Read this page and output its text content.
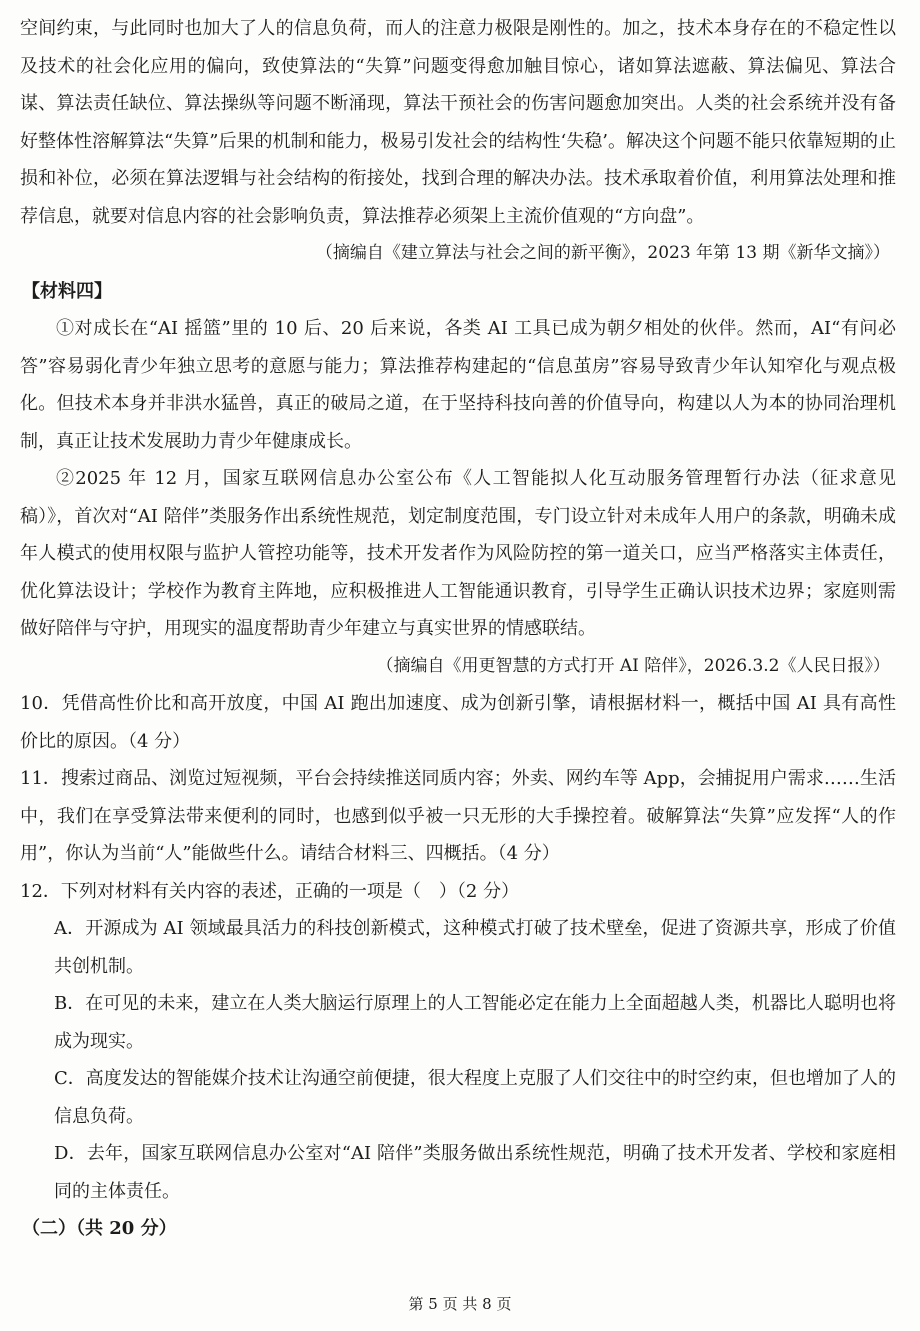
空间约束，与此同时也加大了人的信息负荷，而人的注意力极限是刚性的。加之，技术本身存在的不稳定性以及技术的社会化应用的偏向，致使算法的“失算”问题变得愈加触目惊心，诸如算法遮蔽、算法偏见、算法合谋、算法责任缺位、算法操纵等问题不断涌现，算法干预社会的伤害问题愈加突出。人类的社会系统并没有备好整体性溶解算法“失算”后果的机制和能力，极易引发社会的结构性‘失稳’。解决这个问题不能只依靠短期的止损和补位，必须在算法逻辑与社会结构的衔接处，找到合理的解决办法。技术承取着价值，利用算法处理和推荐信息，就要对信息内容的社会影响负责，算法推荐必须架上主流价值观的“方向盘”。

（摘编自《建立算法与社会之间的新平衡》，2023 年第 13 期《新华文摘》）

【材料四】

①对成长在“AI 摇篮”里的 10 后、20 后来说，各类 AI 工具已成为朝夕相处的伙伴。然而，AI“有问必答”容易弱化青少年独立思考的意愿与能力；算法推荐构建起的“信息茧房”容易导致青少年认知窄化与观点极化。但技术本身并非洪水猛兽，真正的破局之道，在于坚持科技向善的价值导向，构建以人为本的协同治理机制，真正让技术发展助力青少年健康成长。

②2025 年 12 月，国家互联网信息办公室公布《人工智能拟人化互动服务管理暂行办法（征求意见稿）》，首次对“AI 陪伴”类服务作出系统性规范，划定制度范围，专门设立针对未成年人用户的条款，明确未成年人模式的使用权限与监护人管控功能等，技术开发者作为风险防控的第一道关口，应当严格落实主体责任，优化算法设计；学校作为教育主阵地，应积极推进人工智能通识教育，引导学生正确认识技术边界；家庭则需做好陪伴与守护，用现实的温度帮助青少年建立与真实世界的情感联结。

（摘编自《用更智慧的方式打开 AI 陪伴》，2026.3.2《人民日报》）

10．凭借高性价比和高开放度，中国 AI 跑出加速度、成为创新引擎，请根据材料一，概括中国 AI 具有高性价比的原因。（4 分）

11．搜索过商品、浏览过短视频，平台会持续推送同质内容；外卖、网约车等 App，会捕捉用户需求……生活中，我们在享受算法带来便利的同时，也感到似乎被一只无形的大手操控着。破解算法“失算”应发挥“人的作用”，你认为当前“人”能做些什么。请结合材料三、四概括。（4 分）

12．下列对材料有关内容的表述，正确的一项是（　）（2 分）

A．开源成为 AI 领域最具活力的科技创新模式，这种模式打破了技术壁垒，促进了资源共享，形成了价值共创机制。

B．在可见的未来，建立在人类大脑运行原理上的人工智能必定在能力上全面超越人类，机器比人聪明也将成为现实。

C．高度发达的智能媒介技术让沟通空前便捷，很大程度上克服了人们交往中的时空约束，但也增加了人的信息负荷。

D．去年，国家互联网信息办公室对“AI 陪伴”类服务做出系统性规范，明确了技术开发者、学校和家庭相同的主体责任。

（二）（共 20 分）

第 5 页 共 8 页
